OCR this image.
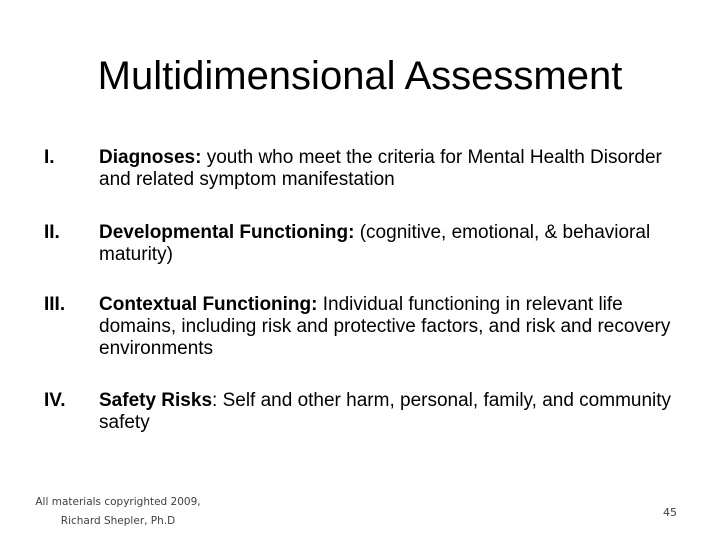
Multidimensional Assessment
I.	Diagnoses: youth who meet the criteria for Mental Health Disorder and related symptom manifestation
II.	Developmental Functioning: (cognitive, emotional, & behavioral maturity)
III.	Contextual Functioning: Individual functioning in relevant life domains, including risk and protective factors, and risk and recovery environments
IV.	Safety Risks: Self and other harm, personal, family, and community safety
All materials copyrighted 2009,
Richard Shepler, Ph.D
45
